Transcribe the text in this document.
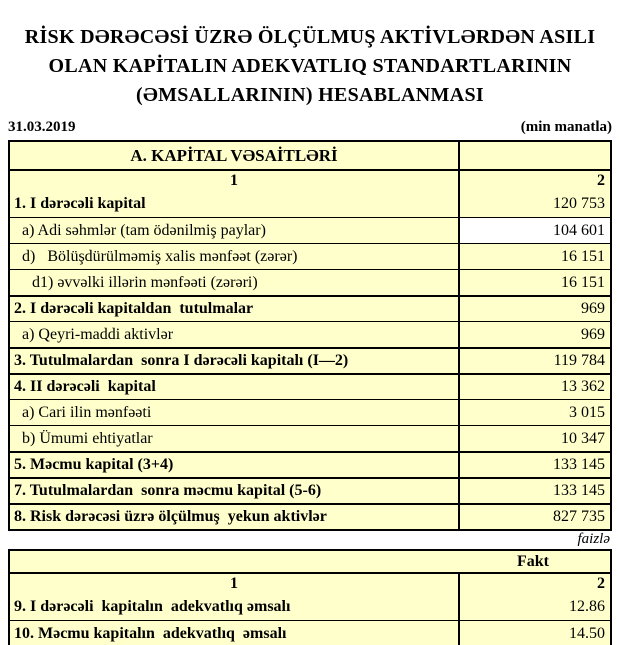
RİSK DƏRƏCƏSİ ÜZRƏ ÖLÇÜLMUŞ AKTİVLƏRDƏN ASILI
OLAN KAPİTALIN ADEKVATLIQ STANDARTLARININ
(ƏMSALLARININ) HESABLANMASI
31.03.2019	(min manatla)
A. KAPİTAL VƏSAİTLƏRİ
1	2
1. I dərəcəli kapital	120 753
a) Adi səhmlər (tam ödənilmiş paylar)	104 601
d)   Bölüşdürülməmiş xalis mənfəət (zərər)	16 151
d1) əvvəlki illərin mənfəəti (zərəri)	16 151
2. I dərəcəli kapitaldan  tutulmalar	969
a) Qeyri-maddi aktivlər	969
3. Tutulmalardan  sonra I dərəcəli kapitalı (I—2)	119 784
4. II dərəcəli  kapital	13 362
a) Cari ilin mənfəəti	3 015
b) Ümumi ehtiyatlar	10 347
5. Məcmu kapital (3+4)	133 145
7. Tutulmalardan  sonra məcmu kapital (5-6)	133 145
8. Risk dərəcəsi üzrə ölçülmuş  yekun aktivlər	827 735
faizlə
Fakt
1	2
9. I dərəcəli  kapitalın  adekvatlıq əmsalı	12.86
10. Məcmu kapitalın  adekvatlıq  əmsalı	14.50
